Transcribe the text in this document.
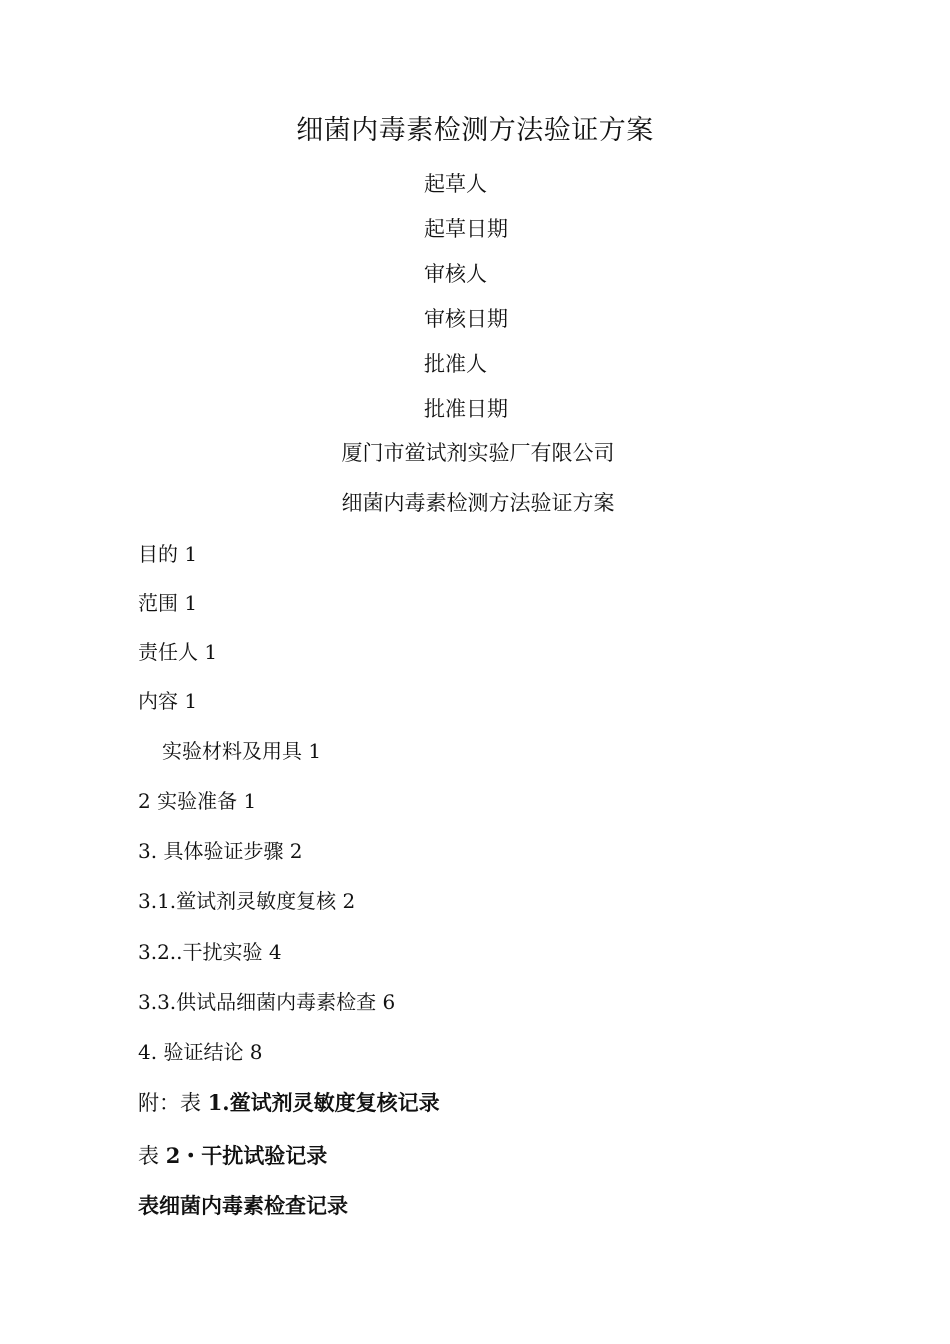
细菌内毒素检测方法验证方案
起草人
起草日期
审核人
审核日期
批准人
批准日期
厦门市鲎试剂实验厂有限公司
细菌内毒素检测方法验证方案
目的 1
范围 1
责任人 1
内容 1
实验材料及用具 1
2 实验准备 1
3. 具体验证步骤 2
3.1.鲎试剂灵敏度复核 2
3.2..干扰实验 4
3.3.供试品细菌内毒素检查 6
4. 验证结论 8
附：表 1.鲎试剂灵敏度复核记录
表 2・干扰试验记录
表细菌内毒素检查记录
